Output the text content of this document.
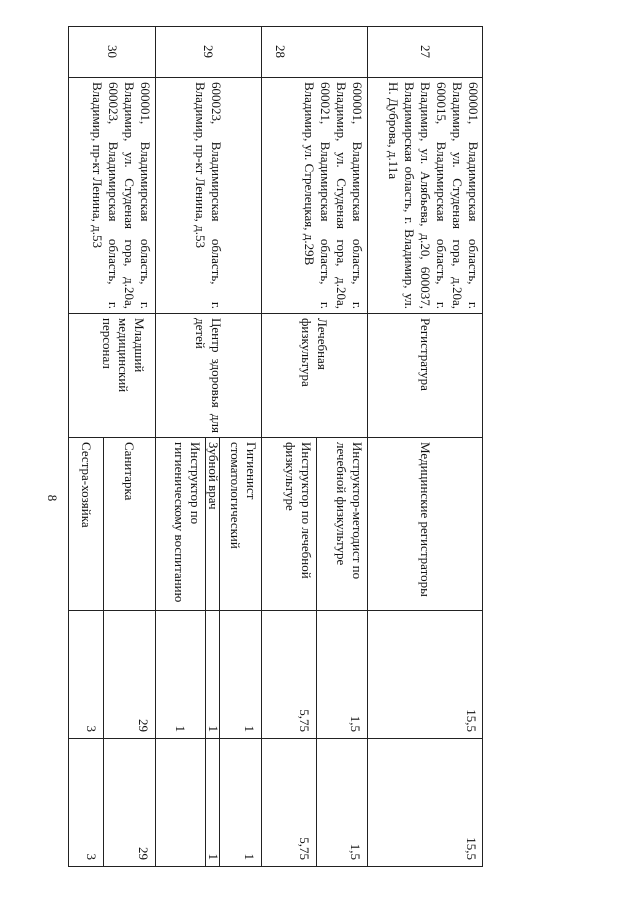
8
27
600001, Владимирская область, г. Владимир, ул. Студеная гора, д.20а, 600015, Владимирская область, г. Владимир, ул. Алябьева, д.20, 600037, Владимирская область, г. Владимир, ул. Н. Дуброва, д.11а
Регистратура
Медицинские регистраторы
15,5
15,5
28
600001, Владимирская область, г. Владимир, ул. Студеная гора, д.20а, 600021, Владимирская область, г. Владимир, ул. Стрелецкая, д.29В
Лечебная физкультура
Инструктор-методист по лечебной физкультуре
1,5
1,5
Инструктор по лечебной физкультуре
5,75
5,75
29
600023, Владимирская область, г. Владимир, пр-кт Ленина, д.53
Центр здоровья для детей
Гигиенист стоматологический
1
1
Зубной врач
1
1
Инструктор по гигиеническому воспитанию
1
30
600001, Владимирская область, г. Владимир, ул. Студеная гора, д.20а, 600023, Владимирская область, г. Владимир, пр-кт Ленина, д.53
Младший медицинский персонал
Санитарка
29
29
Сестра-хозяйка
3
3
